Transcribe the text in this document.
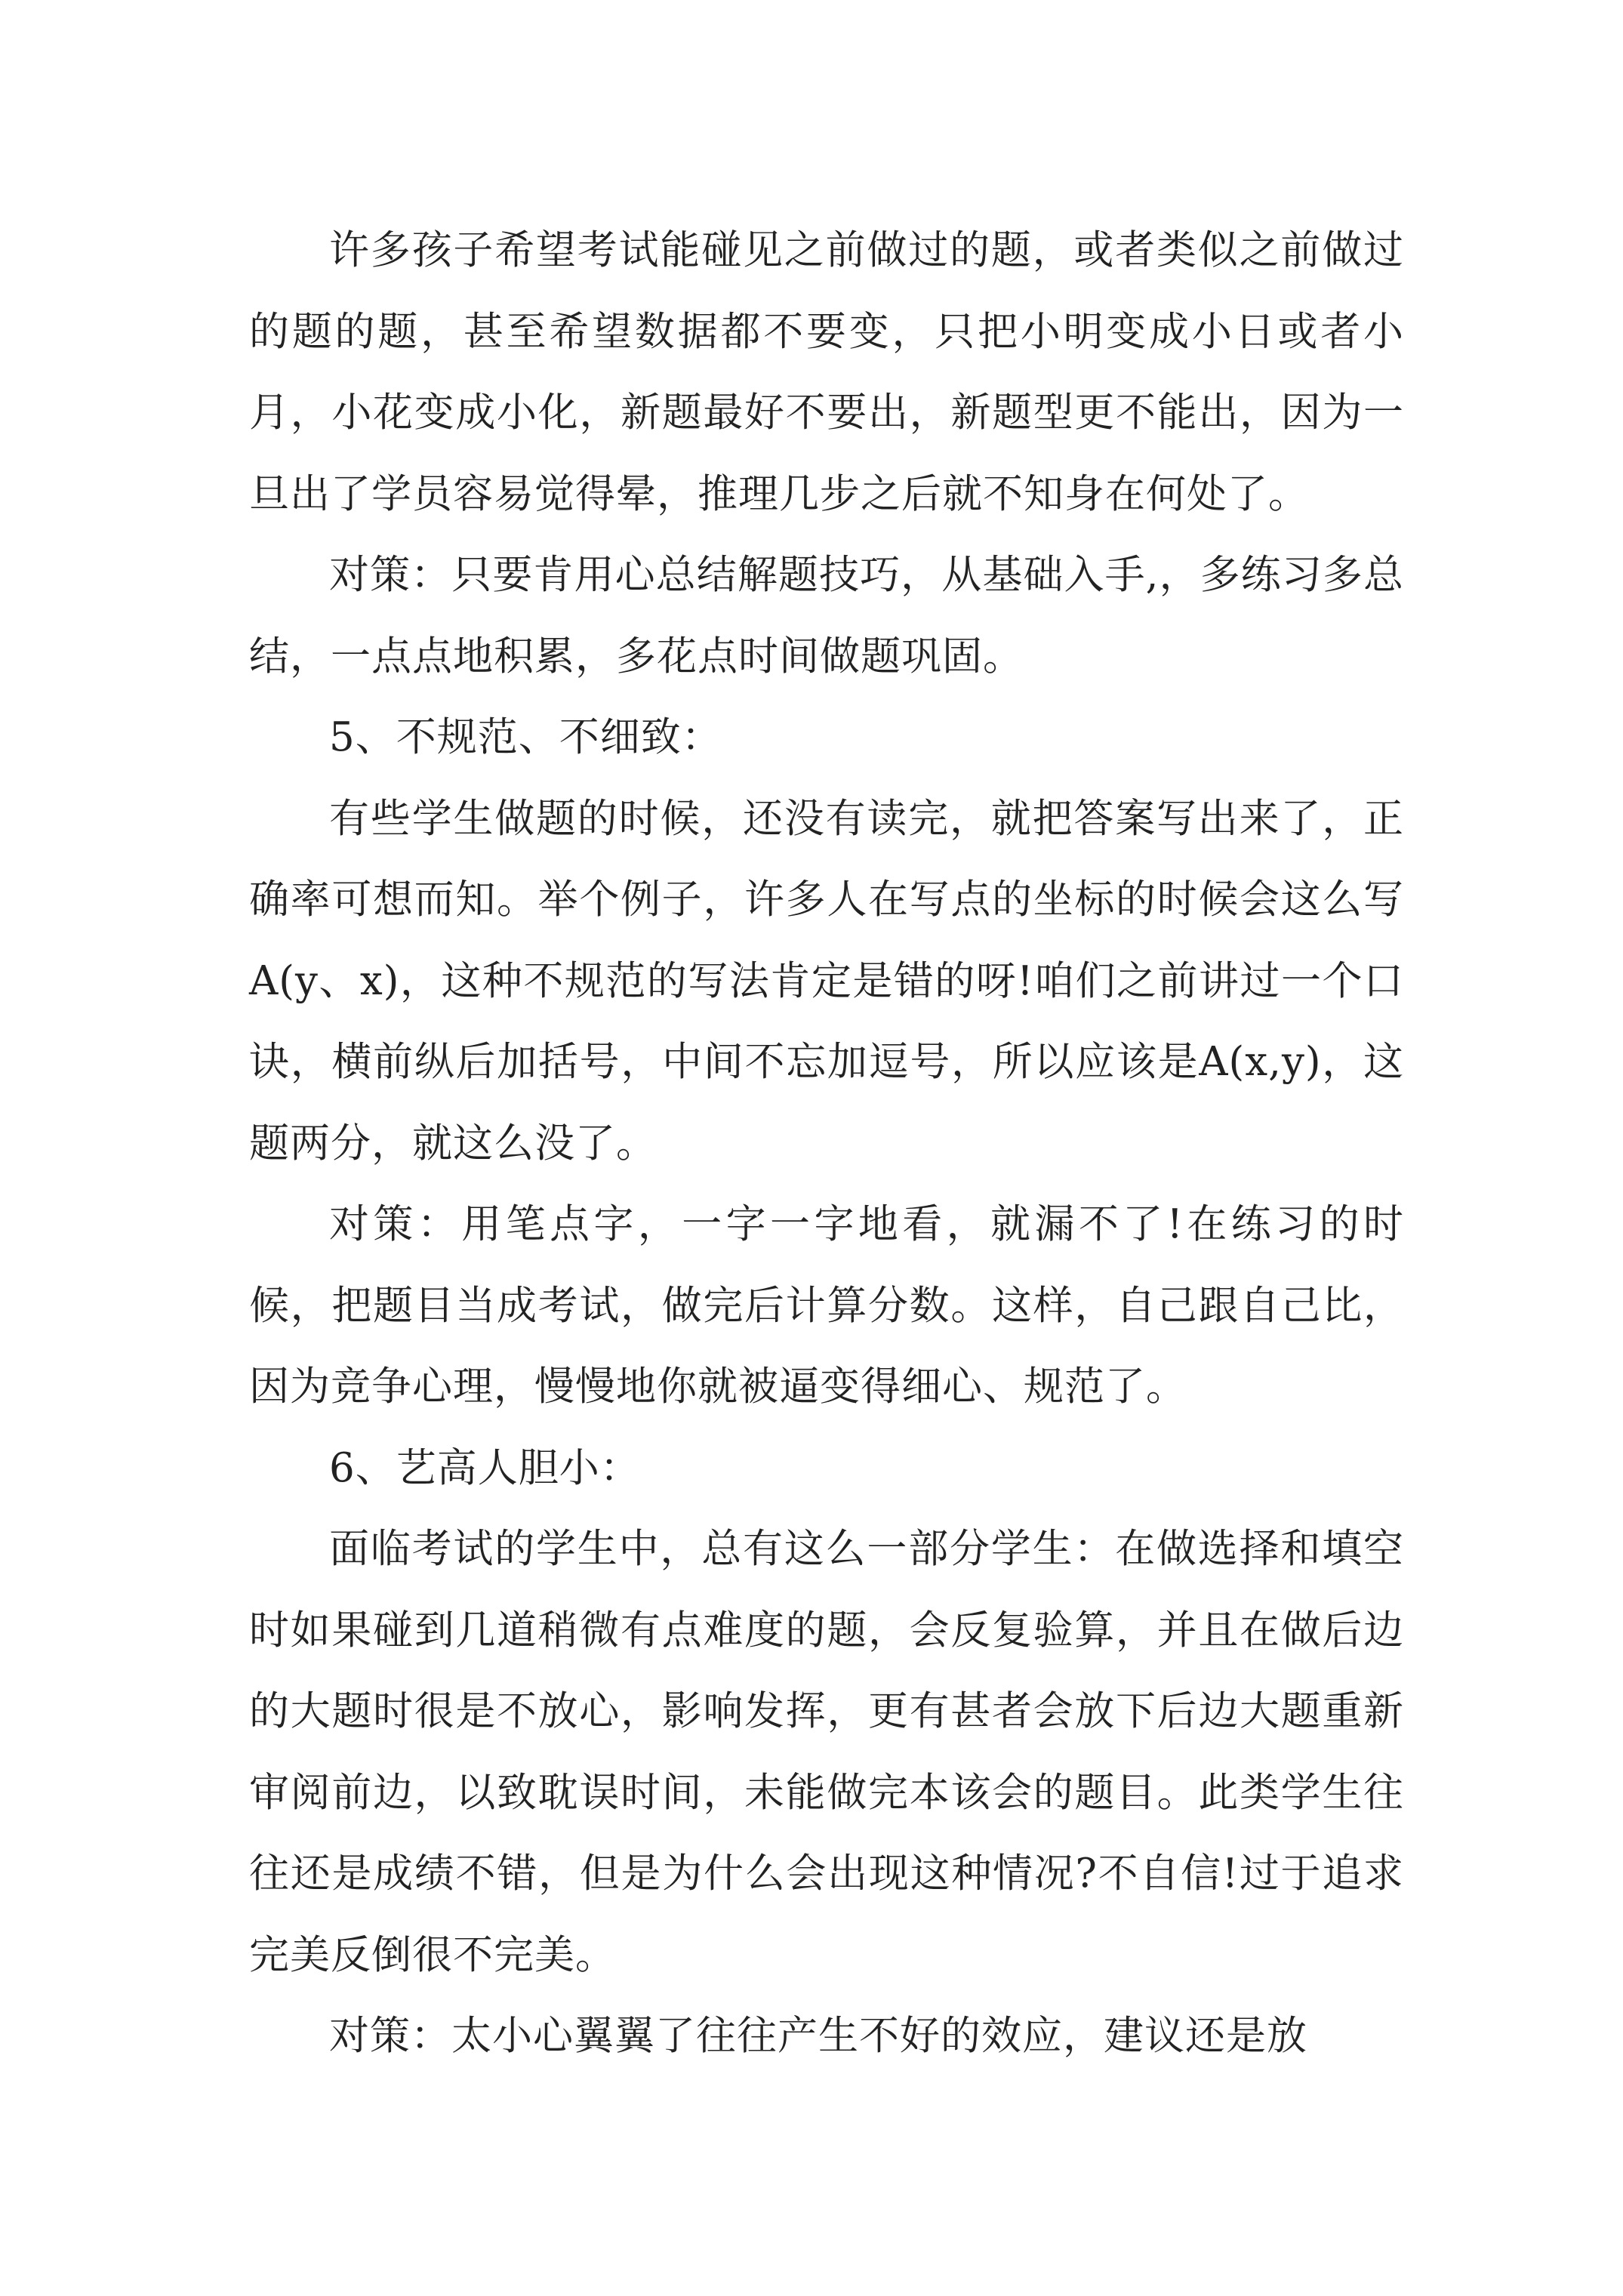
许多孩子希望考试能碰见之前做过的题，或者类似之前做过的题的题，甚至希望数据都不要变，只把小明变成小日或者小月，小花变成小化，新题最好不要出，新题型更不能出，因为一旦出了学员容易觉得晕，推理几步之后就不知身在何处了。

对策：只要肯用心总结解题技巧，从基础入手,，多练习多总结，一点点地积累，多花点时间做题巩固。

5、不规范、不细致：

有些学生做题的时候，还没有读完，就把答案写出来了，正确率可想而知。举个例子，许多人在写点的坐标的时候会这么写A(y、x)，这种不规范的写法肯定是错的呀!咱们之前讲过一个口诀，横前纵后加括号，中间不忘加逗号，所以应该是A(x,y)，这题两分，就这么没了。

对策：用笔点字，一字一字地看，就漏不了!在练习的时候，把题目当成考试，做完后计算分数。这样，自己跟自己比，因为竞争心理，慢慢地你就被逼变得细心、规范了。

6、艺高人胆小：

面临考试的学生中，总有这么一部分学生：在做选择和填空时如果碰到几道稍微有点难度的题，会反复验算，并且在做后边的大题时很是不放心，影响发挥，更有甚者会放下后边大题重新审阅前边，以致耽误时间，未能做完本该会的题目。此类学生往往还是成绩不错，但是为什么会出现这种情况?不自信!过于追求完美反倒很不完美。

对策：太小心翼翼了往往产生不好的效应，建议还是放
